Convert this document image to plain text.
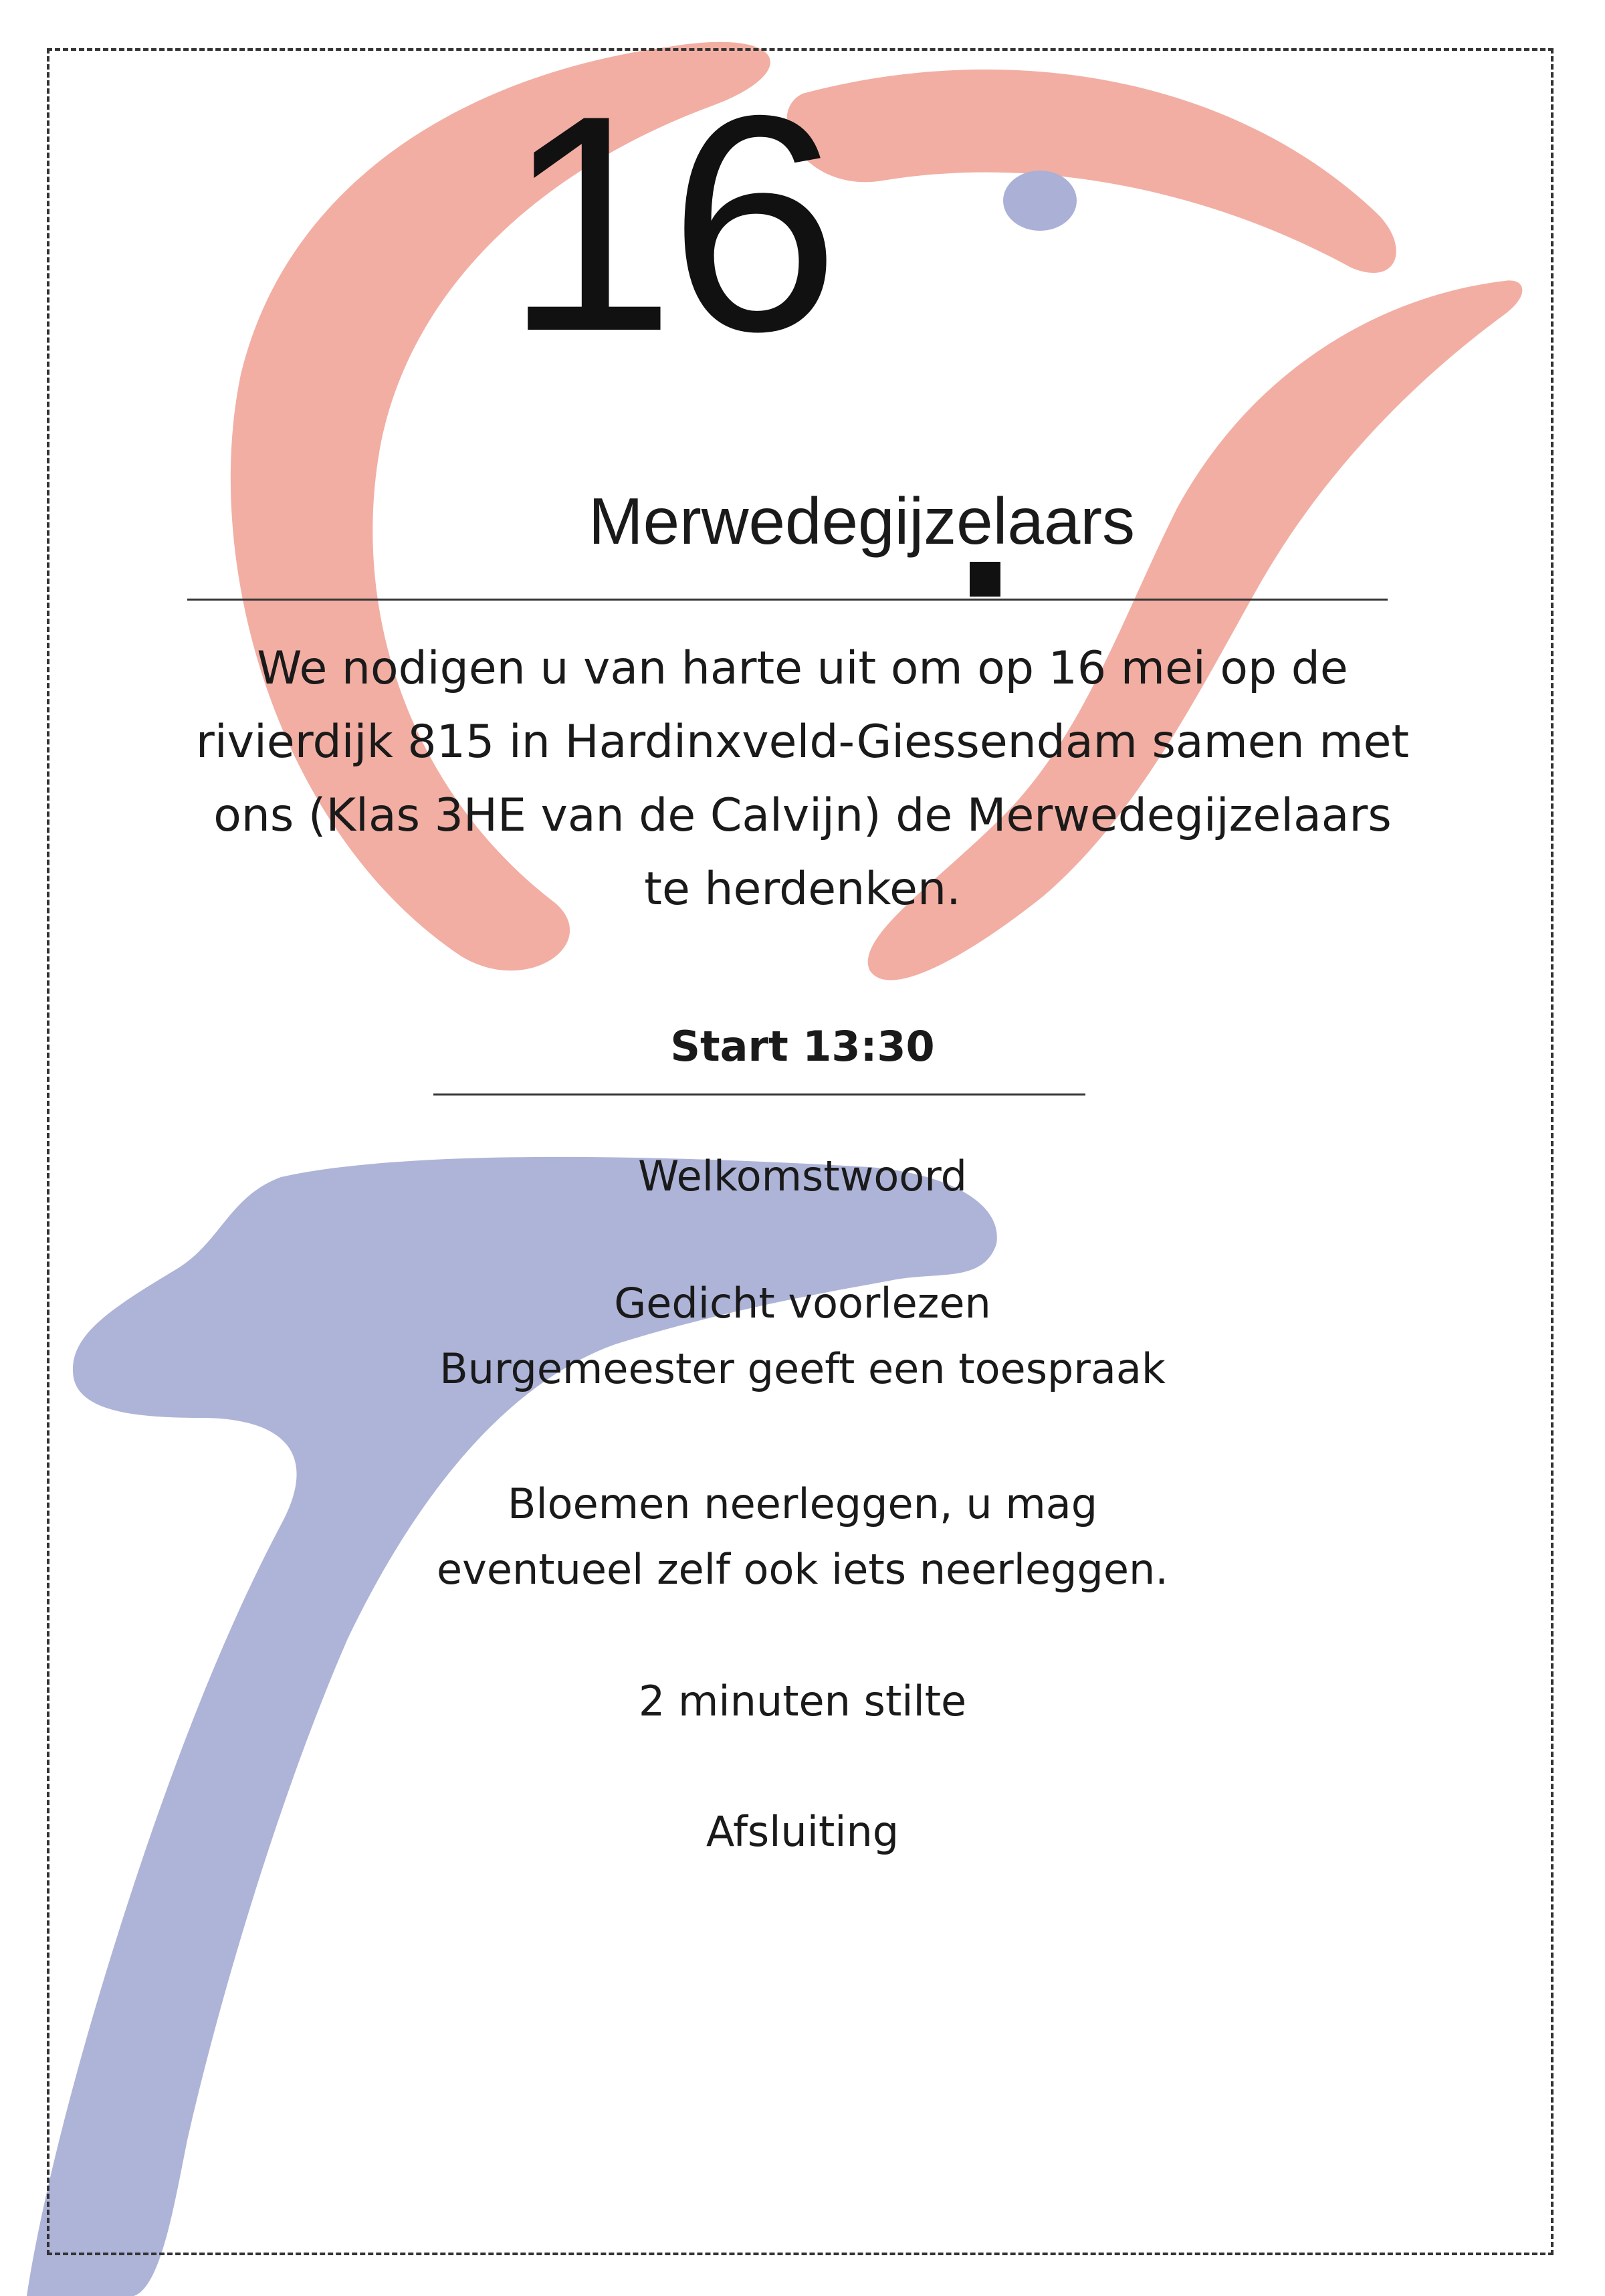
16
Merwedegijzelaars
We nodigen u van harte uit om op 16 mei op de
rivierdijk 815 in Hardinxveld-Giessendam samen met
ons (Klas 3HE van de Calvijn) de Merwedegijzelaars
te herdenken.
Start 13:30
Welkomstwoord
Gedicht voorlezen
Burgemeester geeft een toespraak
Bloemen neerleggen, u mag
eventueel zelf ook iets neerleggen.
2 minuten stilte
Afsluiting
